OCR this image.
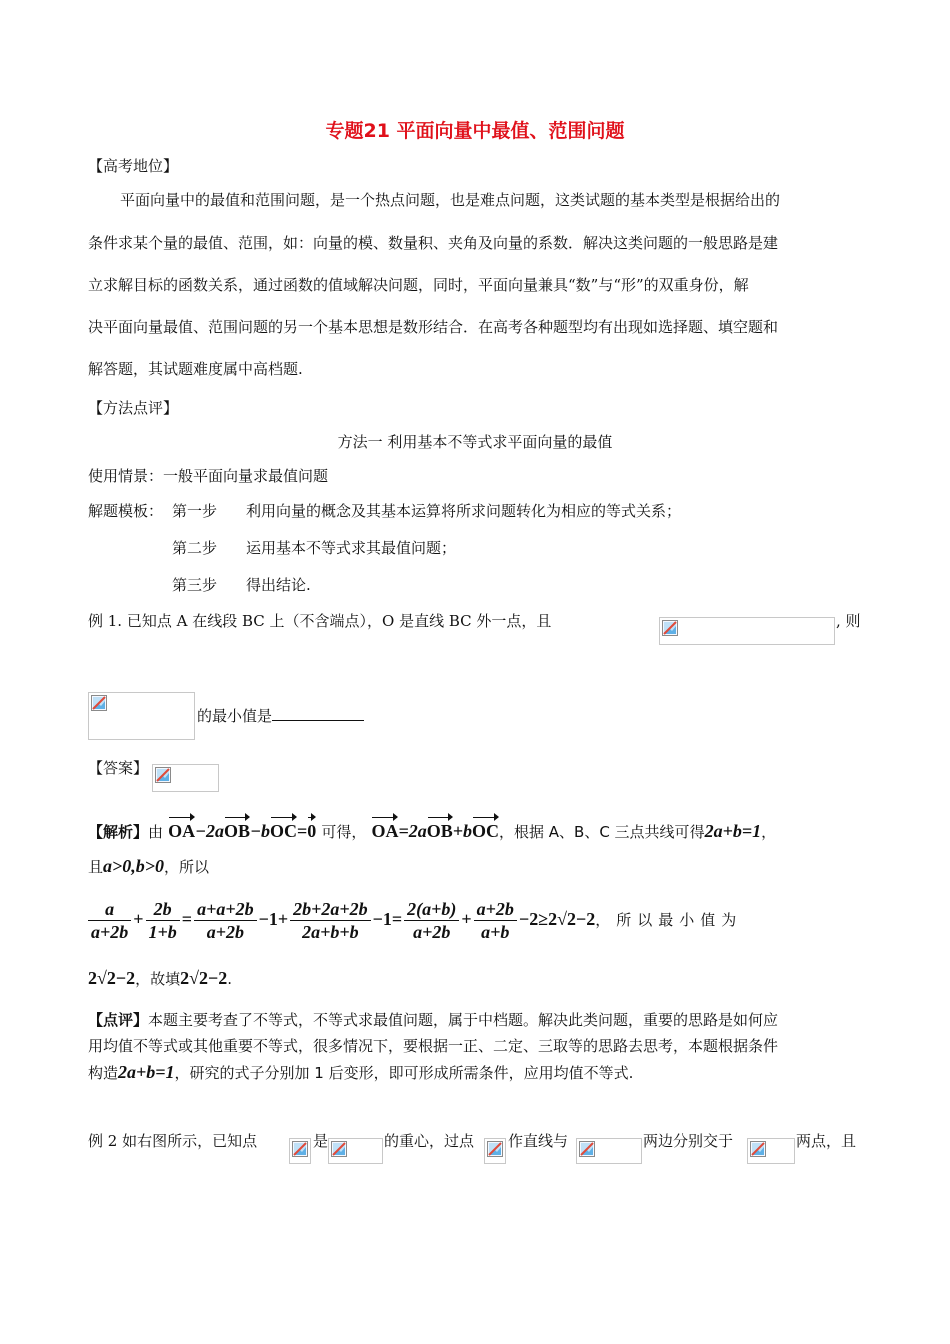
专题21 平面向量中最值、范围问题
【高考地位】
平面向量中的最值和范围问题，是一个热点问题，也是难点问题，这类试题的基本类型是根据给出的
条件求某个量的最值、范围，如：向量的模、数量积、夹角及向量的系数．解决这类问题的一般思路是建
立求解目标的函数关系，通过函数的值域解决问题，同时，平面向量兼具“数”与“形”的双重身份，解
决平面向量最值、范围问题的另一个基本思想是数形结合．在高考各种题型均有出现如选择题、填空题和
解答题，其试题难度属中高档题.
【方法点评】
方法一 利用基本不等式求平面向量的最值
使用情景：一般平面向量求最值问题
解题模板： 第一步 利用向量的概念及其基本运算将所求问题转化为相应的等式关系；
第二步 运用基本不等式求其最值问题；
第三步 得出结论.
例 1. 已知点 A 在线段 BC 上（不含端点），O 是直线 BC 外一点，且	, 则
的最小值是
【答案】
【解析】由 OA−2aOB−bOC=0 可得， OA=2aOB+bOC，根据 A、B、C 三点共线可得2a+b=1，
且a>0,b>0，所以
$\frac{a}{a+2b} + \frac{2b}{1+b} = \frac{a+a+2b}{a+2b} -1+ \frac{2b+2a+2b}{2a+b+b} -1= \frac{2(a+b)}{a+2b} + \frac{a+2b}{a+b} -2\ge 2√2-2$，所以最小值为
2√2−2，故填2√2−2.
【点评】本题主要考查了不等式，不等式求最值问题，属于中档题。解决此类问题，重要的思路是如何应
用均值不等式或其他重要不等式，很多情况下，要根据一正、二定、三取等的思路去思考，本题根据条件
构造2a+b=1，研究的式子分别加 1 后变形，即可形成所需条件，应用均值不等式.
例 2 如右图所示，已知点	是	的重心，过点 作直线与	两边分别交于	两点，且
